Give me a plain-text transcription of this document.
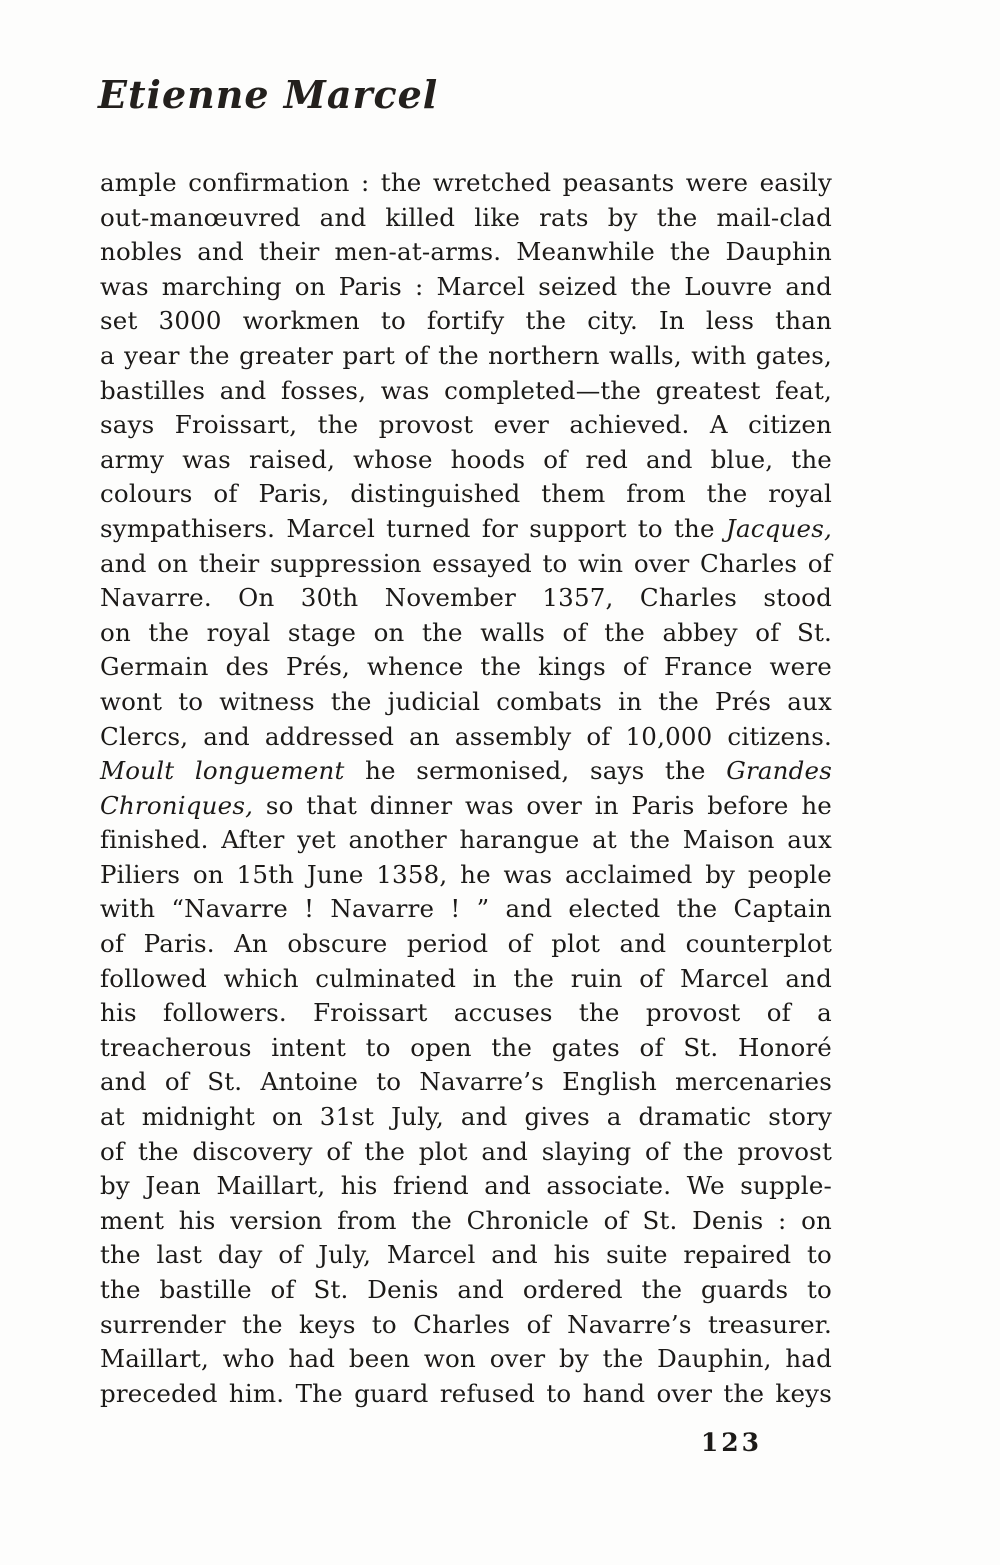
Etienne Marcel
ample confirmation : the wretched peasants were easily
out-manœuvred and killed like rats by the mail-clad
nobles and their men-at-arms. Meanwhile the Dauphin
was marching on Paris : Marcel seized the Louvre and
set 3000 workmen to fortify the city. In less than
a year the greater part of the northern walls, with gates,
bastilles and fosses, was completed—the greatest feat,
says Froissart, the provost ever achieved. A citizen
army was raised, whose hoods of red and blue, the
colours of Paris, distinguished them from the royal
sympathisers. Marcel turned for support to the Jacques,
and on their suppression essayed to win over Charles of
Navarre. On 30th November 1357, Charles stood
on the royal stage on the walls of the abbey of St.
Germain des Prés, whence the kings of France were
wont to witness the judicial combats in the Prés aux
Clercs, and addressed an assembly of 10,000 citizens.
Moult longuement he sermonised, says the Grandes
Chroniques, so that dinner was over in Paris before he
finished. After yet another harangue at the Maison aux
Piliers on 15th June 1358, he was acclaimed by people
with “Navarre ! Navarre ! ” and elected the Captain
of Paris. An obscure period of plot and counterplot
followed which culminated in the ruin of Marcel and
his followers. Froissart accuses the provost of a
treacherous intent to open the gates of St. Honoré
and of St. Antoine to Navarre’s English mercenaries
at midnight on 31st July, and gives a dramatic story
of the discovery of the plot and slaying of the provost
by Jean Maillart, his friend and associate. We supple-
ment his version from the Chronicle of St. Denis : on
the last day of July, Marcel and his suite repaired to
the bastille of St. Denis and ordered the guards to
surrender the keys to Charles of Navarre’s treasurer.
Maillart, who had been won over by the Dauphin, had
preceded him. The guard refused to hand over the keys
123
